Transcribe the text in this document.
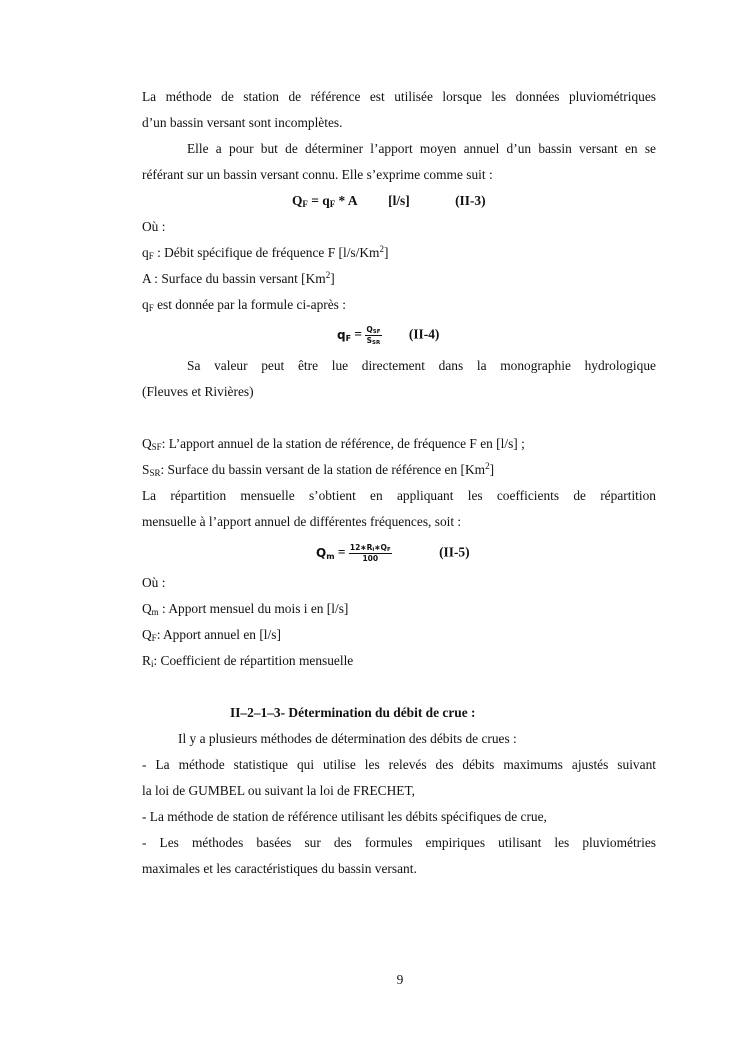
La méthode de station de référence est utilisée lorsque les données pluviométriques
d’un bassin versant sont incomplètes.
Elle a pour but de déterminer l’apport moyen annuel d’un bassin versant en se
référant sur un bassin versant connu. Elle s’exprime comme suit :
$Q_F = q_F * A$ [l/s]	(II-3)
Où :
$q_F$ : Débit spécifique de fréquence F [l/s/Km$^2$]
A : Surface du bassin versant [Km$^2$]
$q_F$ est donnée par la formule ci-après :
$q_F = \frac{Q_{SF}}{S_{SR}} (II-4)$
Sa valeur peut être lue directement dans la monographie hydrologique
(Fleuves et Rivières)
$Q_{SF}$: L’apport annuel de la station de référence, de fréquence F en [l/s] ;
$S_{SR}$: Surface du bassin versant de la station de référence en [Km$^2$]
La répartition mensuelle s’obtient en appliquant les coefficients de répartition
mensuelle à l’apport annuel de différentes fréquences, soit :
$Q_m = \frac{12∗R_i∗Q_F}{100}$	(II-5)
Où :
$Q_m$ : Apport mensuel du mois i en [l/s]
$Q_F$: Apport annuel en [l/s]
$R_i$: Coefficient de répartition mensuelle
II–2–1–3- Détermination du débit de crue :
Il y a plusieurs méthodes de détermination des débits de crues :
- La méthode statistique qui utilise les relevés des débits maximums ajustés suivant
la loi de GUMBEL ou suivant la loi de FRECHET,
- La méthode de station de référence utilisant les débits spécifiques de crue,
- Les méthodes basées sur des formules empiriques utilisant les pluviométries
maximales et les caractéristiques du bassin versant.
9
